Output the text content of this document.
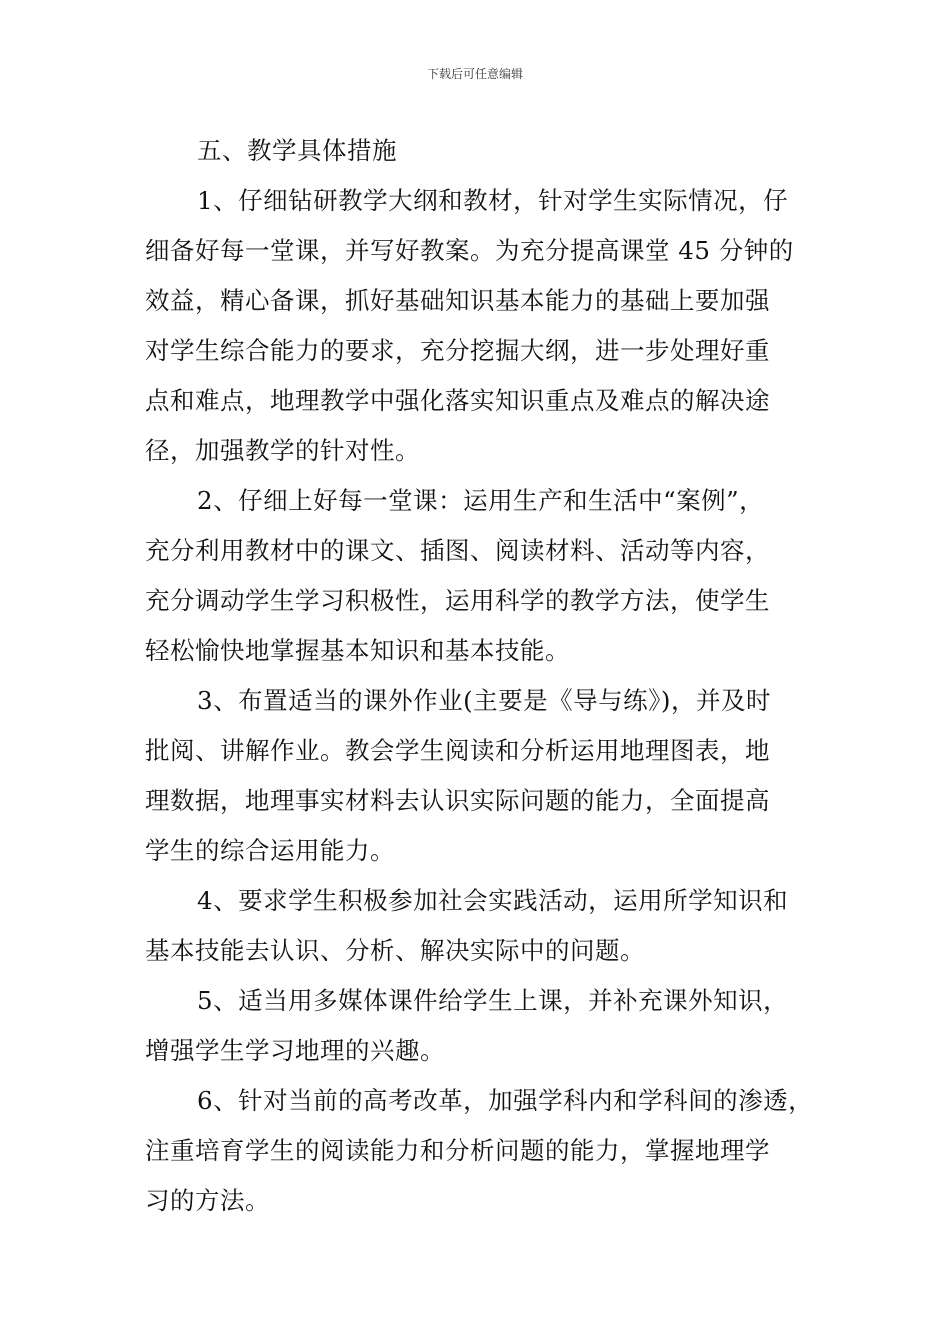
下载后可任意编辑
五、教学具体措施
1、仔细钻研教学大纲和教材，针对学生实际情况，仔
细备好每一堂课，并写好教案。为充分提高课堂 45 分钟的
效益，精心备课，抓好基础知识基本能力的基础上要加强
对学生综合能力的要求，充分挖掘大纲，进一步处理好重
点和难点，地理教学中强化落实知识重点及难点的解决途
径，加强教学的针对性。
2、仔细上好每一堂课：运用生产和生活中“案例”，
充分利用教材中的课文、插图、阅读材料、活动等内容，
充分调动学生学习积极性，运用科学的教学方法，使学生
轻松愉快地掌握基本知识和基本技能。
3、布置适当的课外作业(主要是《导与练》)，并及时
批阅、讲解作业。教会学生阅读和分析运用地理图表，地
理数据，地理事实材料去认识实际问题的能力，全面提高
学生的综合运用能力。
4、要求学生积极参加社会实践活动，运用所学知识和
基本技能去认识、分析、解决实际中的问题。
5、适当用多媒体课件给学生上课，并补充课外知识，
增强学生学习地理的兴趣。
6、针对当前的高考改革，加强学科内和学科间的渗透，
注重培育学生的阅读能力和分析问题的能力，掌握地理学
习的方法。
